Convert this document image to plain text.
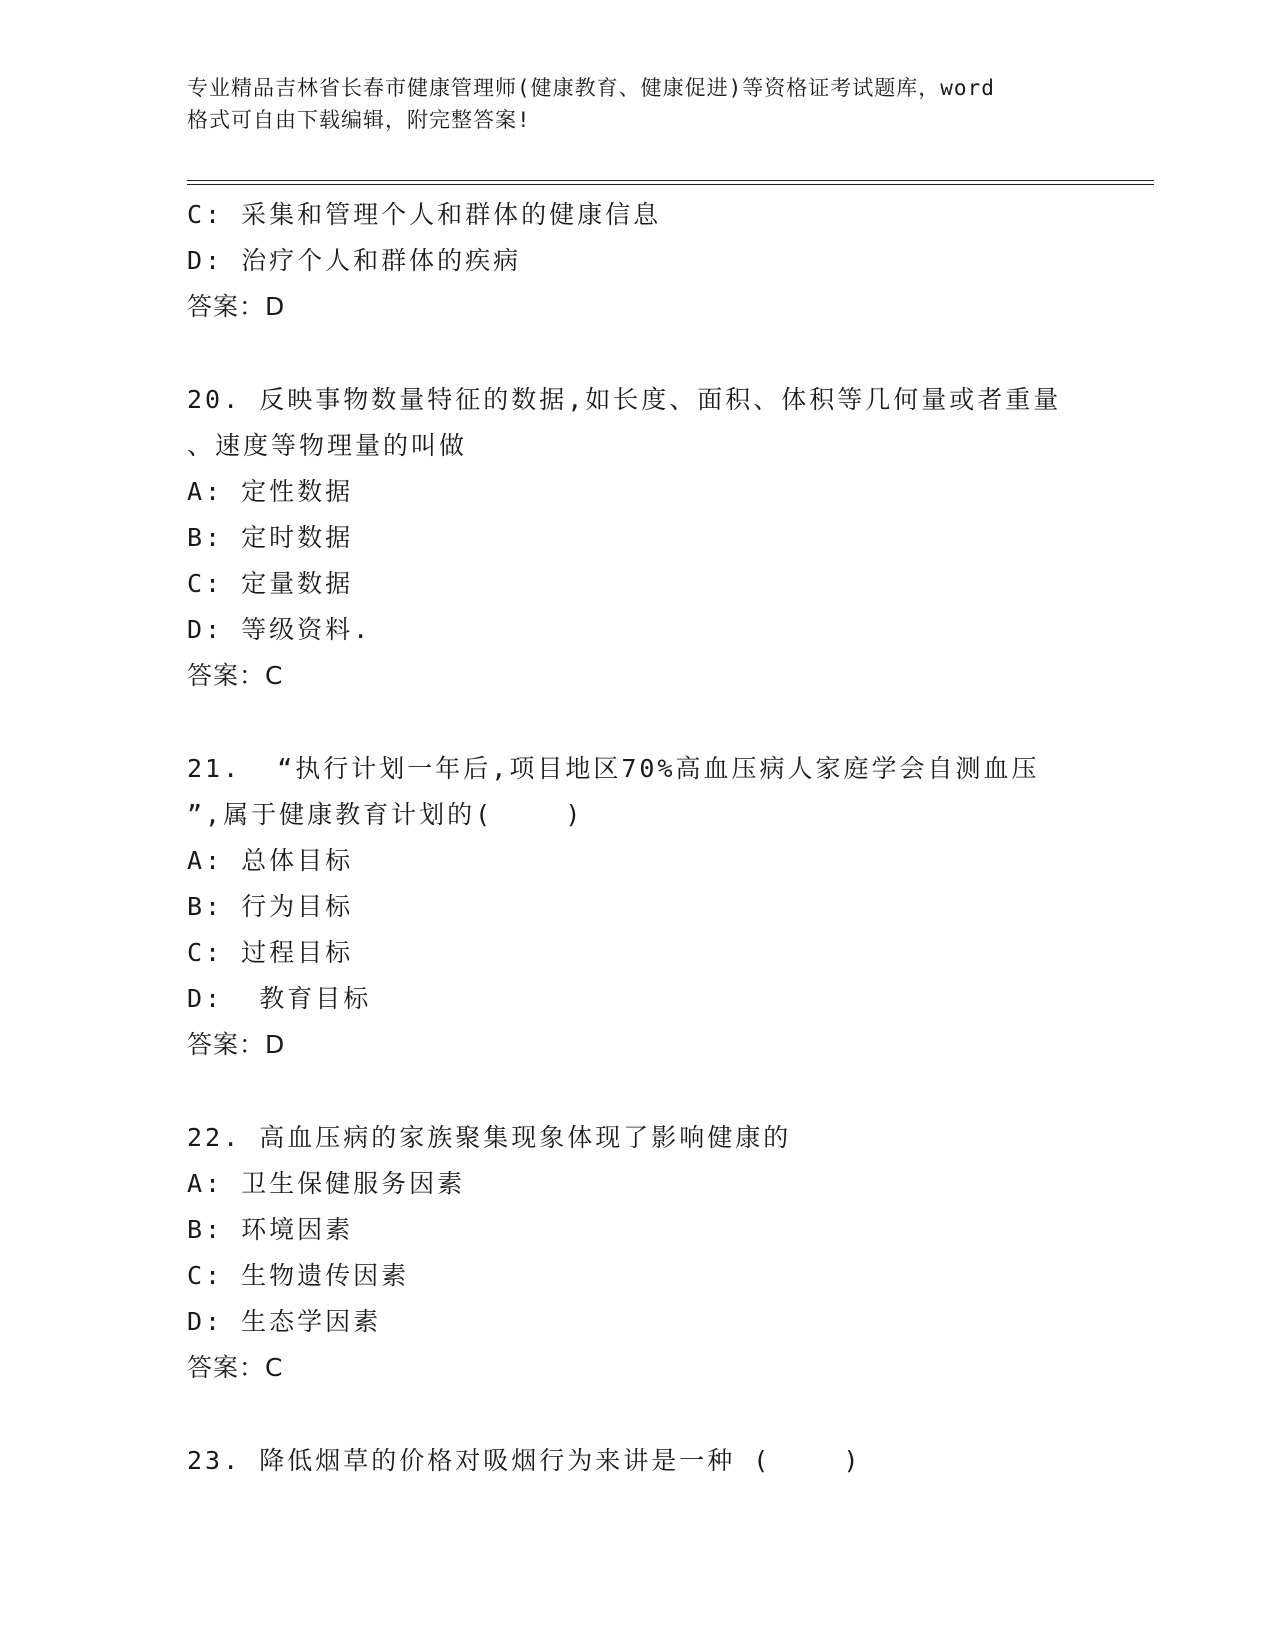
专业精品吉林省长春市健康管理师(健康教育、健康促进)等资格证考试题库，word
格式可自由下载编辑，附完整答案!
C: 采集和管理个人和群体的健康信息
D: 治疗个人和群体的疾病
答案：D
20. 反映事物数量特征的数据,如长度、面积、体积等几何量或者重量
、速度等物理量的叫做
A: 定性数据
B: 定时数据
C: 定量数据
D: 等级资料.
答案：C
21.  “执行计划一年后,项目地区70%高血压病人家庭学会自测血压
”,属于健康教育计划的(    )
A: 总体目标
B: 行为目标
C: 过程目标
D:  教育目标
答案：D
22. 高血压病的家族聚集现象体现了影响健康的
A: 卫生保健服务因素
B: 环境因素
C: 生物遗传因素
D: 生态学因素
答案：C
23. 降低烟草的价格对吸烟行为来讲是一种 (    )
